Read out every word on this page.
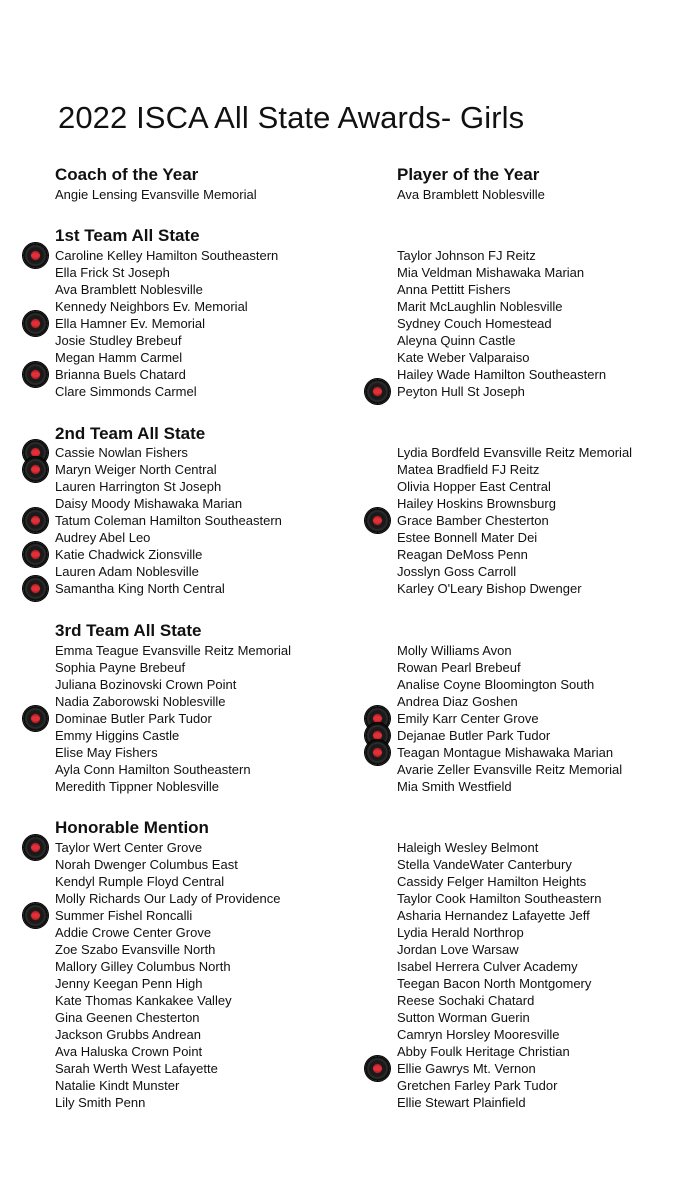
2022 ISCA All State Awards- Girls
Coach of the Year
Angie Lensing Evansville Memorial
Player of the Year
Ava Bramblett Noblesville
1st Team All State
Caroline Kelley Hamilton Southeastern
Ella Frick St Joseph
Ava Bramblett Noblesville
Kennedy Neighbors Ev. Memorial
Ella Hamner Ev. Memorial
Josie Studley Brebeuf
Megan Hamm Carmel
Brianna Buels Chatard
Clare Simmonds Carmel
Taylor Johnson FJ Reitz
Mia Veldman Mishawaka Marian
Anna Pettitt Fishers
Marit McLaughlin Noblesville
Sydney Couch Homestead
Aleyna Quinn Castle
Kate Weber Valparaiso
Hailey Wade Hamilton Southeastern
Peyton Hull St Joseph
2nd Team All State
Cassie Nowlan Fishers
Maryn Weiger North Central
Lauren Harrington St Joseph
Daisy Moody Mishawaka Marian
Tatum Coleman Hamilton Southeastern
Audrey Abel Leo
Katie Chadwick Zionsville
Lauren Adam Noblesville
Samantha King North Central
Lydia Bordfeld Evansville Reitz Memorial
Matea Bradfield FJ Reitz
Olivia Hopper East Central
Hailey Hoskins Brownsburg
Grace Bamber Chesterton
Estee Bonnell Mater Dei
Reagan DeMoss Penn
Josslyn Goss Carroll
Karley O'Leary Bishop Dwenger
3rd Team All State
Emma Teague Evansville Reitz Memorial
Sophia Payne Brebeuf
Juliana Bozinovski Crown Point
Nadia Zaborowski Noblesville
Dominae Butler Park Tudor
Emmy Higgins Castle
Elise May Fishers
Ayla Conn Hamilton Southeastern
Meredith Tippner Noblesville
Molly Williams Avon
Rowan Pearl Brebeuf
Analise Coyne Bloomington South
Andrea Diaz Goshen
Emily Karr Center Grove
Dejanae Butler Park Tudor
Teagan Montague Mishawaka Marian
Avarie Zeller Evansville Reitz Memorial
Mia Smith Westfield
Honorable Mention
Taylor Wert Center Grove
Norah Dwenger Columbus East
Kendyl Rumple Floyd Central
Molly Richards Our Lady of Providence
Summer Fishel Roncalli
Addie Crowe Center Grove
Zoe Szabo Evansville North
Mallory Gilley Columbus North
Jenny Keegan Penn High
Kate Thomas Kankakee Valley
Gina Geenen Chesterton
Jackson Grubbs Andrean
Ava Haluska Crown Point
Sarah Werth West Lafayette
Natalie Kindt Munster
Lily Smith Penn
Haleigh Wesley Belmont
Stella VandeWater Canterbury
Cassidy Felger Hamilton Heights
Taylor Cook Hamilton Southeastern
Asharia Hernandez Lafayette Jeff
Lydia Herald Northrop
Jordan Love Warsaw
Isabel Herrera Culver Academy
Teegan Bacon North Montgomery
Reese Sochaki Chatard
Sutton Worman Guerin
Camryn Horsley Mooresville
Abby Foulk Heritage Christian
Ellie Gawrys Mt. Vernon
Gretchen Farley Park Tudor
Ellie Stewart Plainfield
